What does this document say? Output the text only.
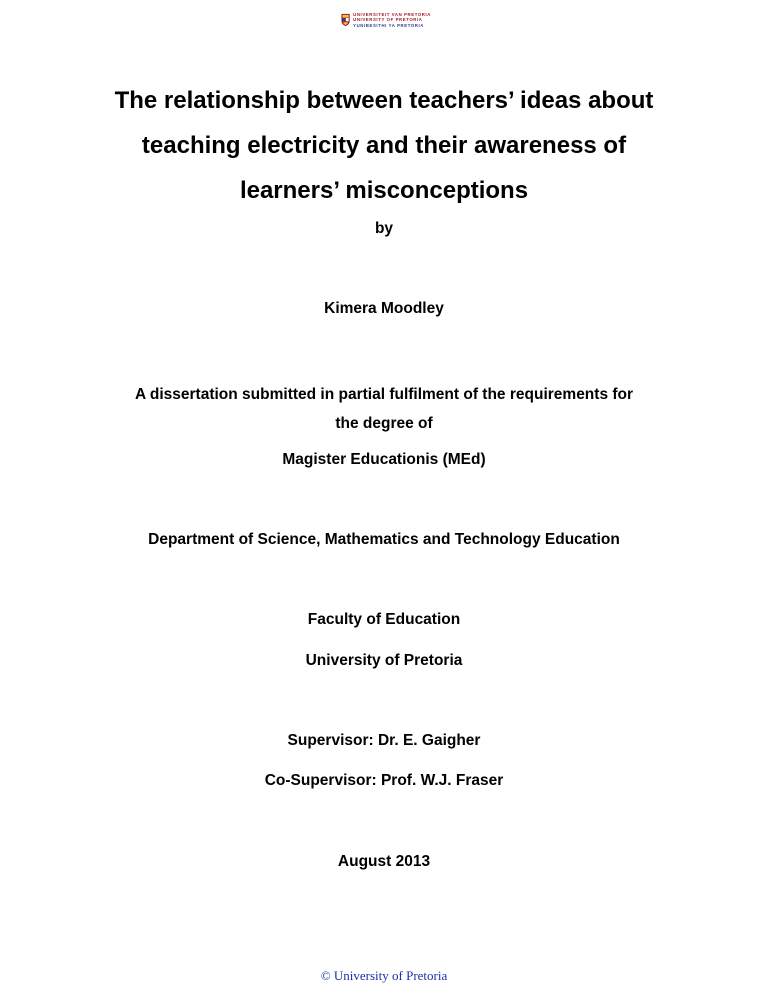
UNIVERSITEIT VAN PRETORIA
UNIVERSITY OF PRETORIA
YUNIBESITHI YA PRETORIA
The relationship between teachers’ ideas about
teaching electricity and their awareness of
learners’ misconceptions
by
Kimera Moodley
A dissertation submitted in partial fulfilment of the requirements for
the degree of
Magister Educationis (MEd)
Department of Science, Mathematics and Technology Education
Faculty of Education
University of Pretoria
Supervisor: Dr. E. Gaigher
Co-Supervisor: Prof. W.J. Fraser
August 2013
© University of Pretoria
